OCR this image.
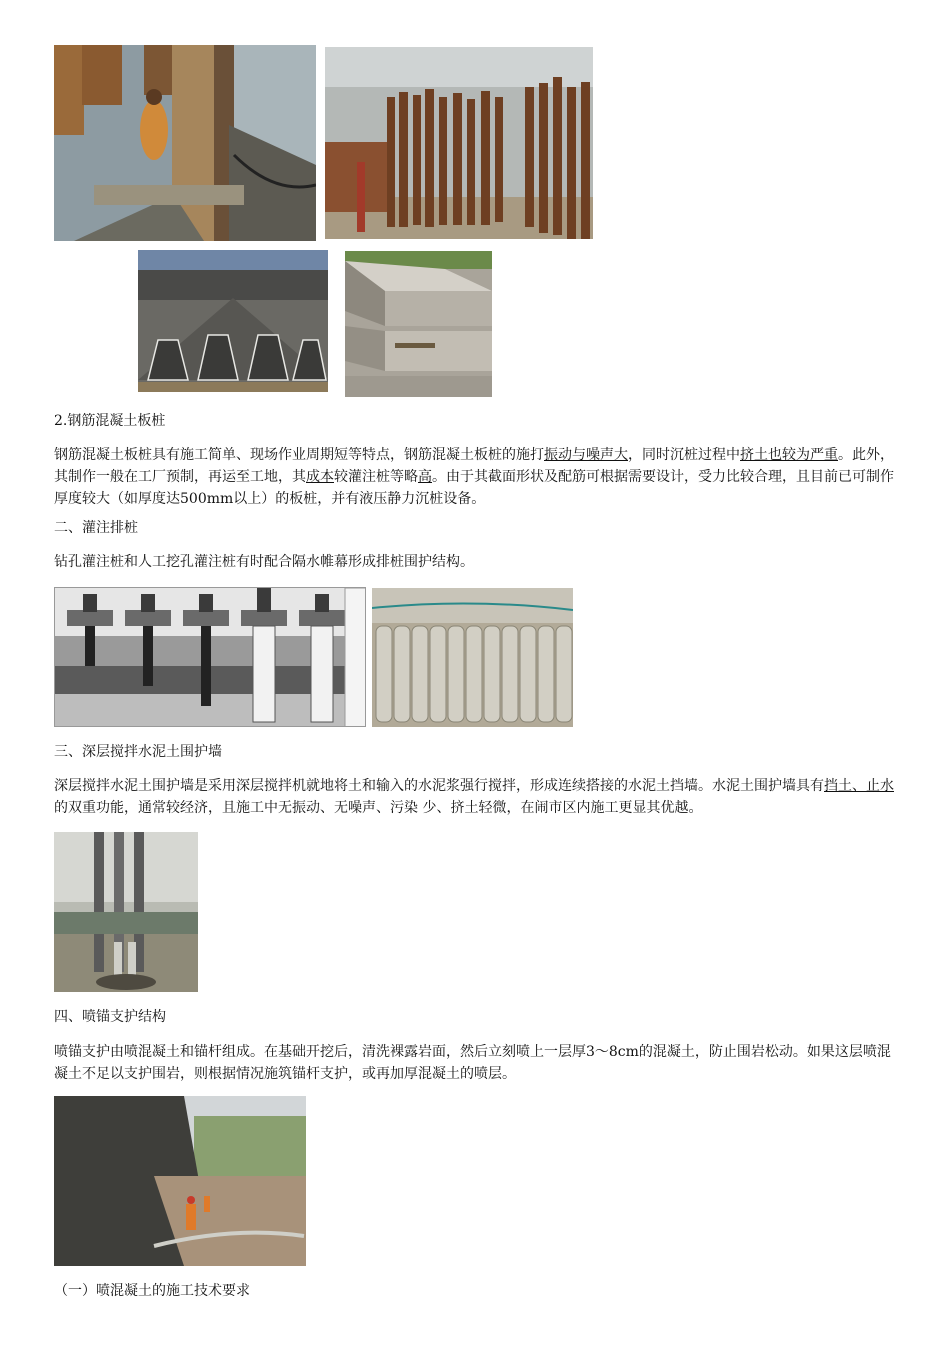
2.钢筋混凝土板桩
钢筋混凝土板桩具有施工简单、现场作业周期短等特点，钢筋混凝土板桩的施打振动与噪声大，同时沉桩过程中挤土也较为严重。此外，其制作一般在工厂预制，再运至工地，其成本较灌注桩等略高。由于其截面形状及配筋可根据需要设计，受力比较合理，且目前已可制作厚度较大（如厚度达500mm以上）的板桩，并有液压静力沉桩设备。
二、灌注排桩
钻孔灌注桩和人工挖孔灌注桩有时配合隔水帷幕形成排桩围护结构。
三、深层搅拌水泥土围护墙
深层搅拌水泥土围护墙是采用深层搅拌机就地将土和输入的水泥浆强行搅拌，形成连续搭接的水泥土挡墙。水泥土围护墙具有挡土、止水的双重功能，通常较经济，且施工中无振动、无噪声、污染 少、挤土轻微，在闹市区内施工更显其优越。
四、喷锚支护结构
喷锚支护由喷混凝土和锚杆组成。在基础开挖后，清洗裸露岩面，然后立刻喷上一层厚3～8cm的混凝土，防止围岩松动。如果这层喷混凝土不足以支护围岩，则根据情况施筑锚杆支护，或再加厚混凝土的喷层。
（一）喷混凝土的施工技术要求
